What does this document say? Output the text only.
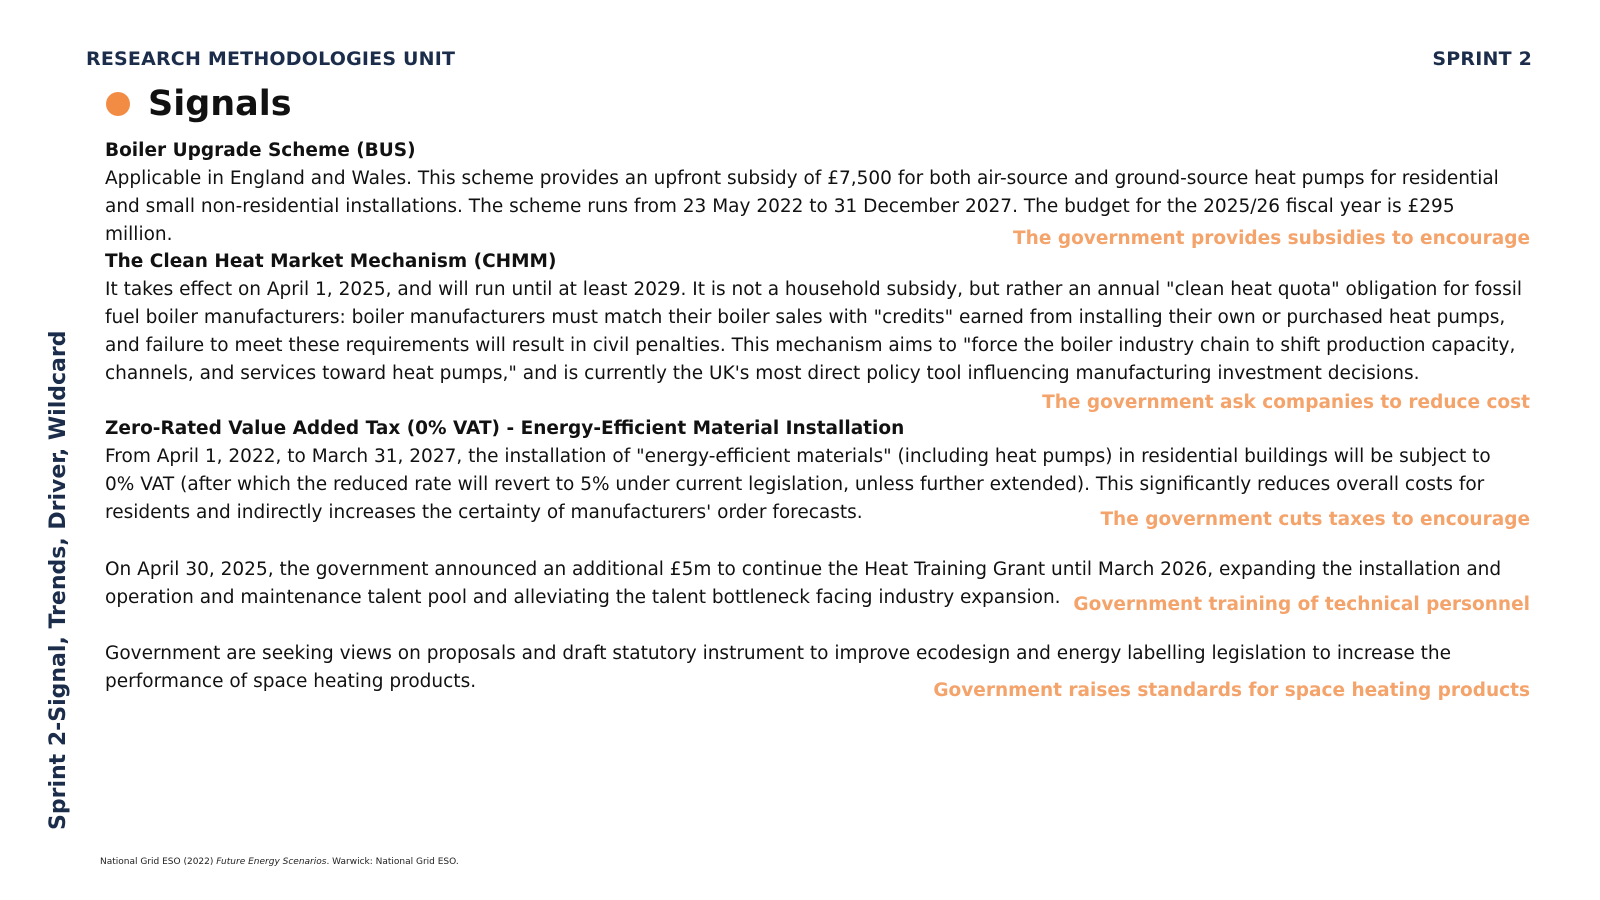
RESEARCH METHODOLOGIES UNIT	SPRINT 2
Signals
Sprint 2-Signal, Trends, Driver, Wildcard
Boiler Upgrade Scheme (BUS)

Applicable in England and Wales. This scheme provides an upfront subsidy of £7,500 for both air-source and ground-source heat pumps for residential and small non-residential installations. The scheme runs from 23 May 2022 to 31 December 2027. The budget for the 2025/26 fiscal year is £295 million.	The government provides subsidies to encourage
The Clean Heat Market Mechanism (CHMM)

It takes effect on April 1, 2025, and will run until at least 2029. It is not a household subsidy, but rather an annual "clean heat quota" obligation for fossil fuel boiler manufacturers: boiler manufacturers must match their boiler sales with "credits" earned from installing their own or purchased heat pumps, and failure to meet these requirements will result in civil penalties. This mechanism aims to "force the boiler industry chain to shift production capacity, channels, and services toward heat pumps," and is currently the UK's most direct policy tool influencing manufacturing investment decisions.

The government ask companies to reduce cost
Zero-Rated Value Added Tax (0% VAT) - Energy-Efficient Material Installation

From April 1, 2022, to March 31, 2027, the installation of "energy-efficient materials" (including heat pumps) in residential buildings will be subject to 0% VAT (after which the reduced rate will revert to 5% under current legislation, unless further extended). This significantly reduces overall costs for residents and indirectly increases the certainty of manufacturers' order forecasts.	The government cuts taxes to encourage

On April 30, 2025, the government announced an additional £5m to continue the Heat Training Grant until March 2026, expanding the installation and operation and maintenance talent pool and alleviating the talent bottleneck facing industry expansion. Government training of technical personnel

Government are seeking views on proposals and draft statutory instrument to improve ecodesign and energy labelling legislation to increase the performance of space heating products.	Government raises standards for space heating products
National Grid ESO (2022) Future Energy Scenarios. Warwick: National Grid ESO.
